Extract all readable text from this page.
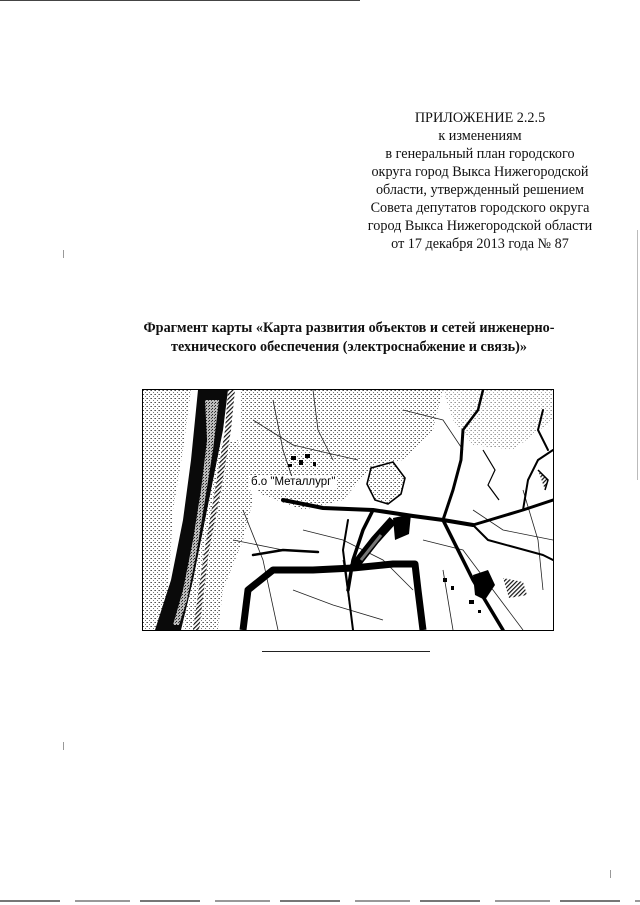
ПРИЛОЖЕНИЕ 2.2.5
к изменениям
в генеральный план городского
округа город Выкса Нижегородской
области, утвержденный решением
Совета депутатов городского округа
город Выкса Нижегородской области
от 17 декабря 2013 года № 87
Фрагмент карты «Карта развития объектов и сетей инженерно-
технического обеспечения (электроснабжение и связь)»
б.о "Металлург"
